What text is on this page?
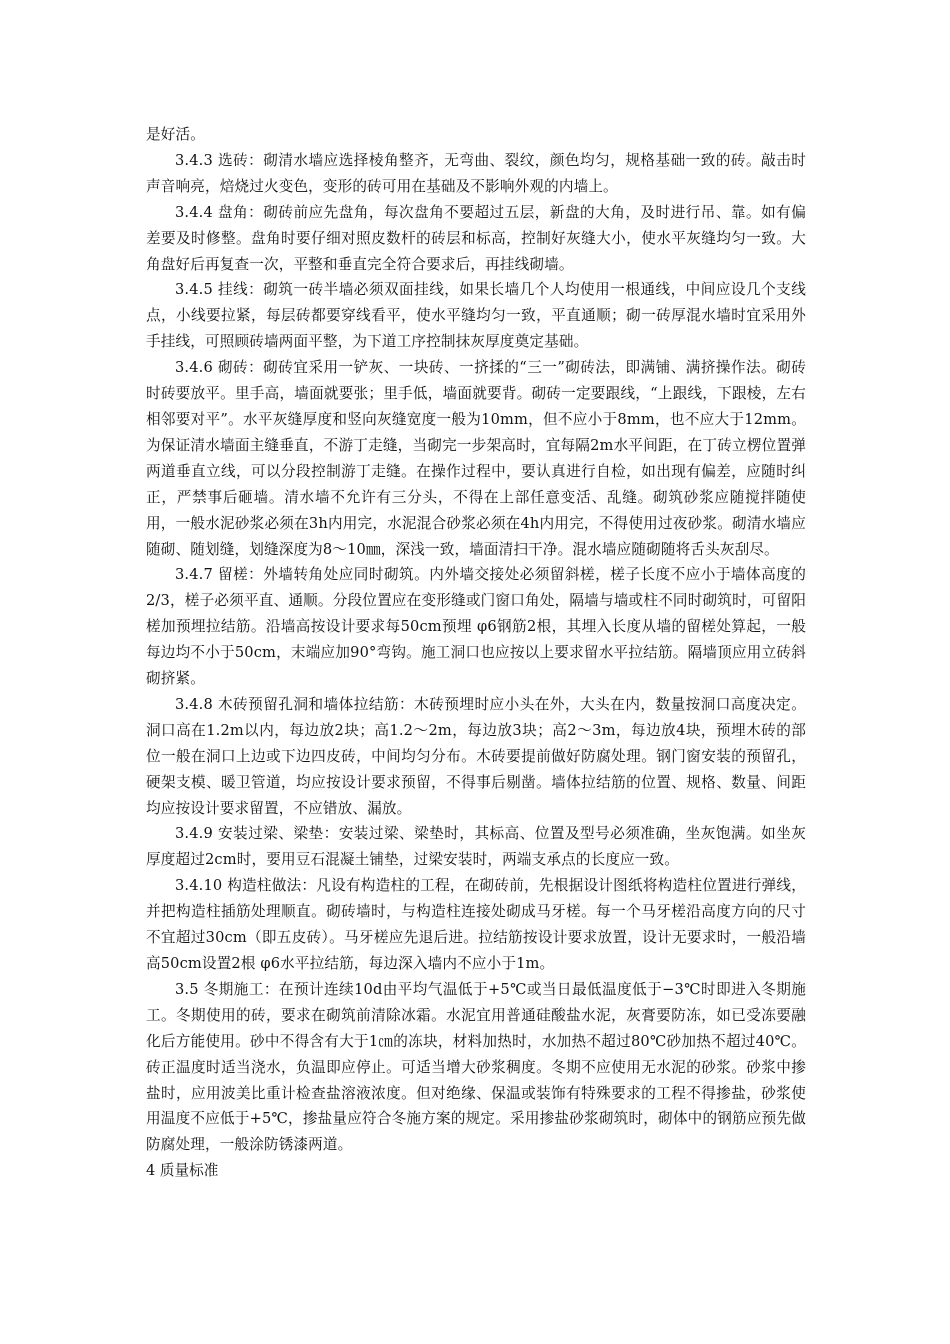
是好活。

3.4.3 选砖：砌清水墙应选择棱角整齐，无弯曲、裂纹，颜色均匀，规格基础一致的砖。敲击时声音响亮，焙烧过火变色，变形的砖可用在基础及不影响外观的内墙上。

3.4.4 盘角：砌砖前应先盘角，每次盘角不要超过五层，新盘的大角，及时进行吊、靠。如有偏差要及时修整。盘角时要仔细对照皮数杆的砖层和标高，控制好灰缝大小，使水平灰缝均匀一致。大角盘好后再复查一次，平整和垂直完全符合要求后，再挂线砌墙。

3.4.5 挂线：砌筑一砖半墙必须双面挂线，如果长墙几个人均使用一根通线，中间应设几个支线点，小线要拉紧，每层砖都要穿线看平，使水平缝均匀一致，平直通顺；砌一砖厚混水墙时宜采用外手挂线，可照顾砖墙两面平整，为下道工序控制抹灰厚度奠定基础。

3.4.6 砌砖：砌砖宜采用一铲灰、一块砖、一挤揉的“三一”砌砖法，即满铺、满挤操作法。砌砖时砖要放平。里手高，墙面就要张；里手低，墙面就要背。砌砖一定要跟线，“上跟线，下跟棱，左右相邻要对平”。水平灰缝厚度和竖向灰缝宽度一般为10mm，但不应小于8mm，也不应大于12mm。为保证清水墙面主缝垂直，不游丁走缝，当砌完一步架高时，宜每隔2m水平间距，在丁砖立楞位置弹两道垂直立线，可以分段控制游丁走缝。在操作过程中，要认真进行自检，如出现有偏差，应随时纠正，严禁事后砸墙。清水墙不允许有三分头，不得在上部任意变活、乱缝。砌筑砂浆应随搅拌随使用，一般水泥砂浆必须在3h内用完，水泥混合砂浆必须在4h内用完，不得使用过夜砂浆。砌清水墙应随砌、随划缝，划缝深度为8～10㎜，深浅一致，墙面清扫干净。混水墙应随砌随将舌头灰刮尽。

3.4.7 留槎：外墙转角处应同时砌筑。内外墙交接处必须留斜槎，槎子长度不应小于墙体高度的2/3，槎子必须平直、通顺。分段位置应在变形缝或门窗口角处，隔墙与墙或柱不同时砌筑时，可留阳槎加预埋拉结筋。沿墙高按设计要求每50cm预埋 φ6钢筋2根，其埋入长度从墙的留槎处算起，一般每边均不小于50cm，末端应加90°弯钩。施工洞口也应按以上要求留水平拉结筋。隔墙顶应用立砖斜砌挤紧。

3.4.8 木砖预留孔洞和墙体拉结筋：木砖预埋时应小头在外，大头在内，数量按洞口高度决定。洞口高在1.2m以内，每边放2块；高1.2～2m，每边放3块；高2～3m，每边放4块，预埋木砖的部位一般在洞口上边或下边四皮砖，中间均匀分布。木砖要提前做好防腐处理。钢门窗安装的预留孔，硬架支模、暖卫管道，均应按设计要求预留，不得事后剔凿。墙体拉结筋的位置、规格、数量、间距均应按设计要求留置，不应错放、漏放。

3.4.9 安装过梁、梁垫：安装过梁、梁垫时，其标高、位置及型号必须准确，坐灰饱满。如坐灰厚度超过2cm时，要用豆石混凝土铺垫，过梁安装时，两端支承点的长度应一致。

3.4.10 构造柱做法：凡设有构造柱的工程，在砌砖前，先根据设计图纸将构造柱位置进行弹线，并把构造柱插筋处理顺直。砌砖墙时，与构造柱连接处砌成马牙槎。每一个马牙槎沿高度方向的尺寸不宜超过30cm（即五皮砖）。马牙槎应先退后进。拉结筋按设计要求放置，设计无要求时，一般沿墙高50cm设置2根 φ6水平拉结筋，每边深入墙内不应小于1m。

3.5 冬期施工：在预计连续10d由平均气温低于+5℃或当日最低温度低于−3℃时即进入冬期施工。冬期使用的砖，要求在砌筑前清除冰霜。水泥宜用普通硅酸盐水泥，灰膏要防冻，如已受冻要融化后方能使用。砂中不得含有大于1㎝的冻块，材料加热时，水加热不超过80℃砂加热不超过40℃。砖正温度时适当浇水，负温即应停止。可适当增大砂浆稠度。冬期不应使用无水泥的砂浆。砂浆中掺盐时，应用波美比重计检查盐溶液浓度。但对绝缘、保温或装饰有特殊要求的工程不得掺盐，砂浆使用温度不应低于+5℃，掺盐量应符合冬施方案的规定。采用掺盐砂浆砌筑时，砌体中的钢筋应预先做防腐处理，一般涂防锈漆两道。

4 质量标准
